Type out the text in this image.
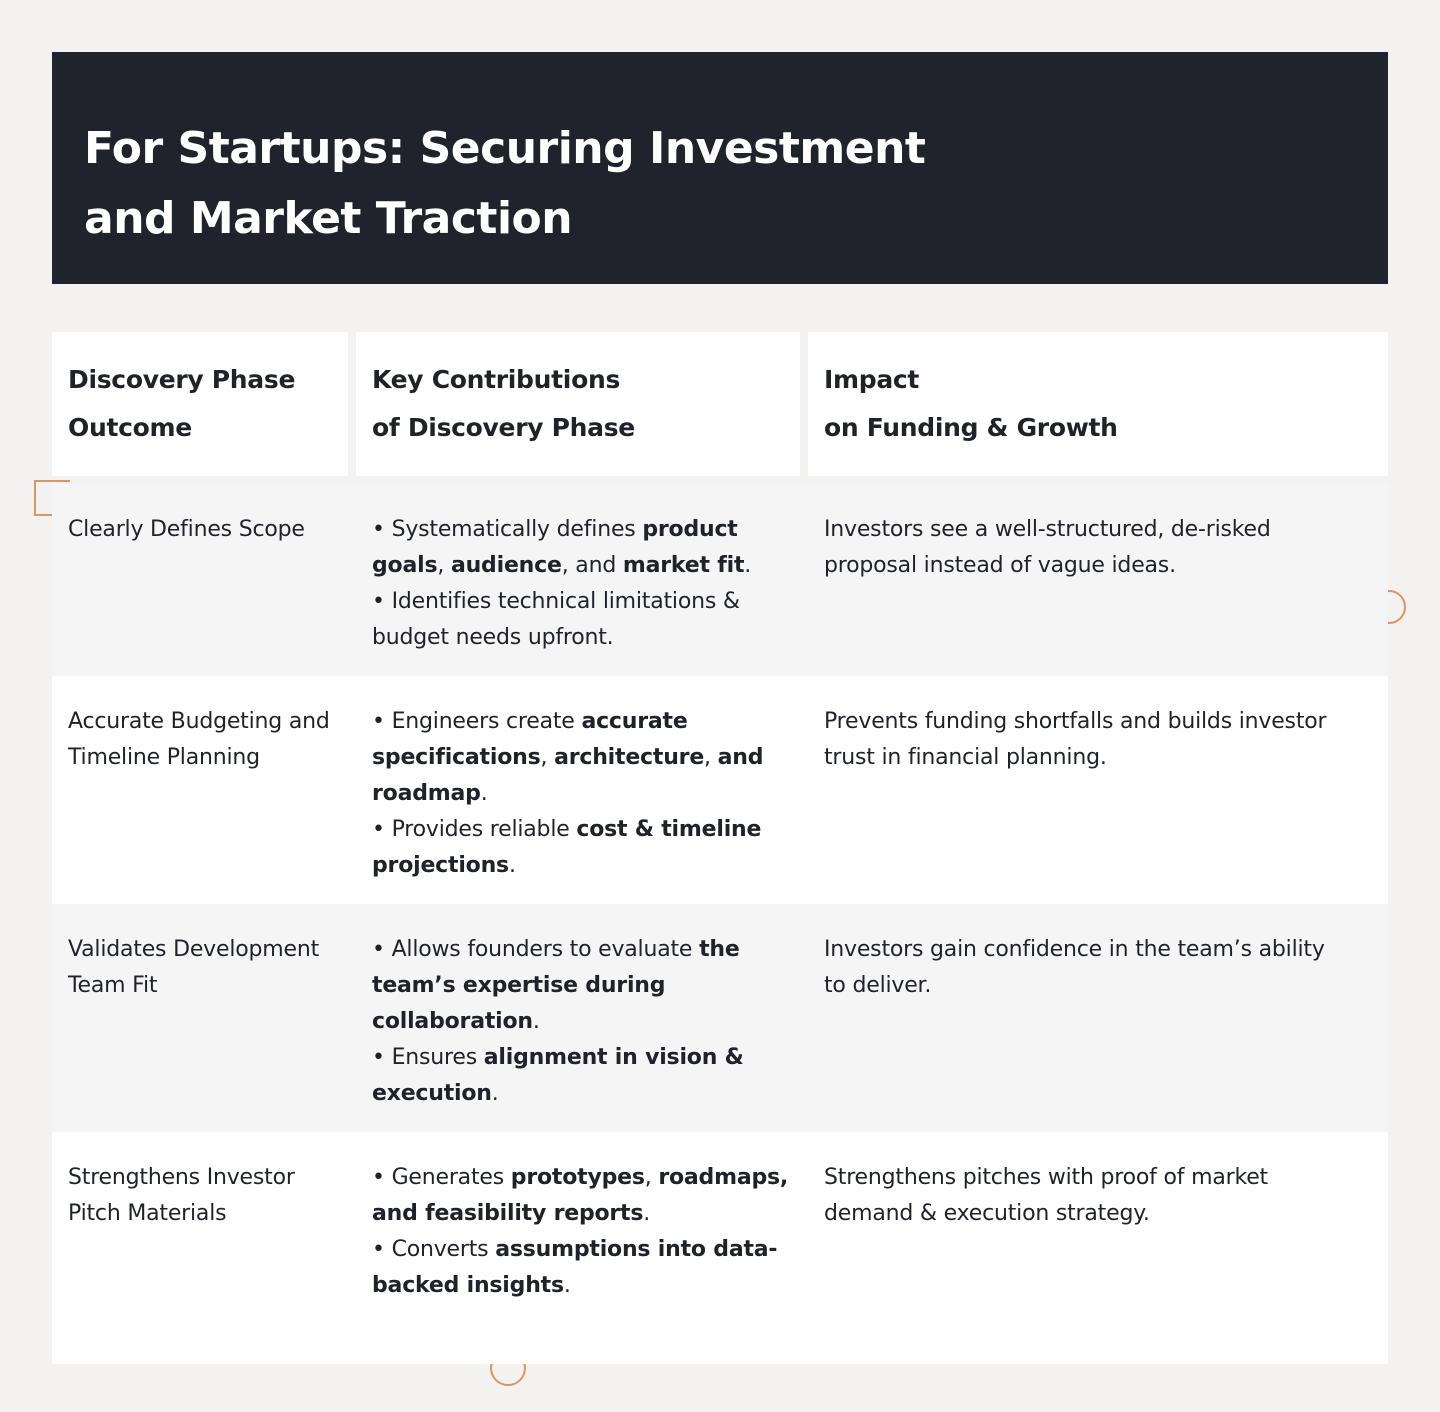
For Startups: Securing Investment and Market Traction
Discovery Phase
Outcome
Key Contributions
of Discovery Phase
Impact
on Funding & Growth
Clearly Defines Scope	• Systematically defines product goals, audience, and market fit.

• Identifies technical limitations & budget needs upfront.

Investors see a well-structured, de-risked proposal instead of vague ideas.
Accurate Budgeting and Timeline Planning

• Engineers create accurate specifications, architecture, and roadmap.

• Provides reliable cost & timeline projections.

Prevents funding shortfalls and builds investor trust in financial planning.
Validates Development Team Fit

• Allows founders to evaluate the team’s expertise during collaboration.

• Ensures alignment in vision & execution.

Investors gain confidence in the team’s ability to deliver.
Strengthens Investor Pitch Materials

• Generates prototypes, roadmaps, and feasibility reports.

• Converts assumptions into data-backed insights.

Strengthens pitches with proof of market demand & execution strategy.
